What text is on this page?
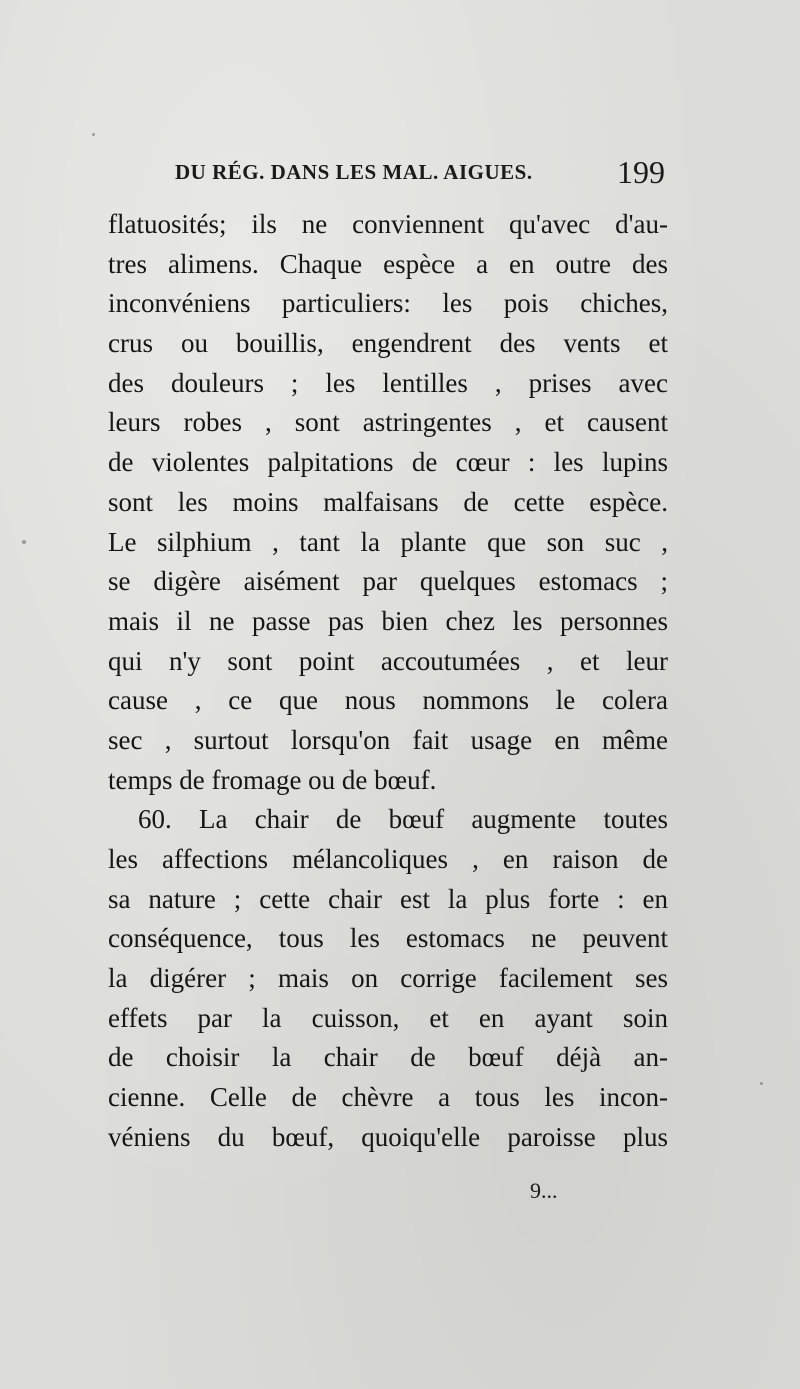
DU RÉG. DANS LES MAL. AIGUES.	199
flatuosités; ils ne conviennent qu'avec d'au-
tres alimens. Chaque espèce a en outre des
inconvéniens particuliers: les pois chiches,
crus ou bouillis, engendrent des vents et
des douleurs ; les lentilles , prises avec
leurs robes , sont astringentes , et causent
de violentes palpitations de cœur : les lupins
sont les moins malfaisans de cette espèce.
Le silphium , tant la plante que son suc ,
se digère aisément par quelques estomacs ;
mais il ne passe pas bien chez les personnes
qui n'y sont point accoutumées , et leur
cause , ce que nous nommons le colera
sec , surtout lorsqu'on fait usage en même
temps de fromage ou de bœuf.
60. La chair de bœuf augmente toutes
les affections mélancoliques , en raison de
sa nature ; cette chair est la plus forte : en
conséquence, tous les estomacs ne peuvent
la digérer ; mais on corrige facilement ses
effets par la cuisson, et en ayant soin
de choisir la chair de bœuf déjà an-
cienne. Celle de chèvre a tous les incon-
véniens du bœuf, quoiqu'elle paroisse plus
9...
